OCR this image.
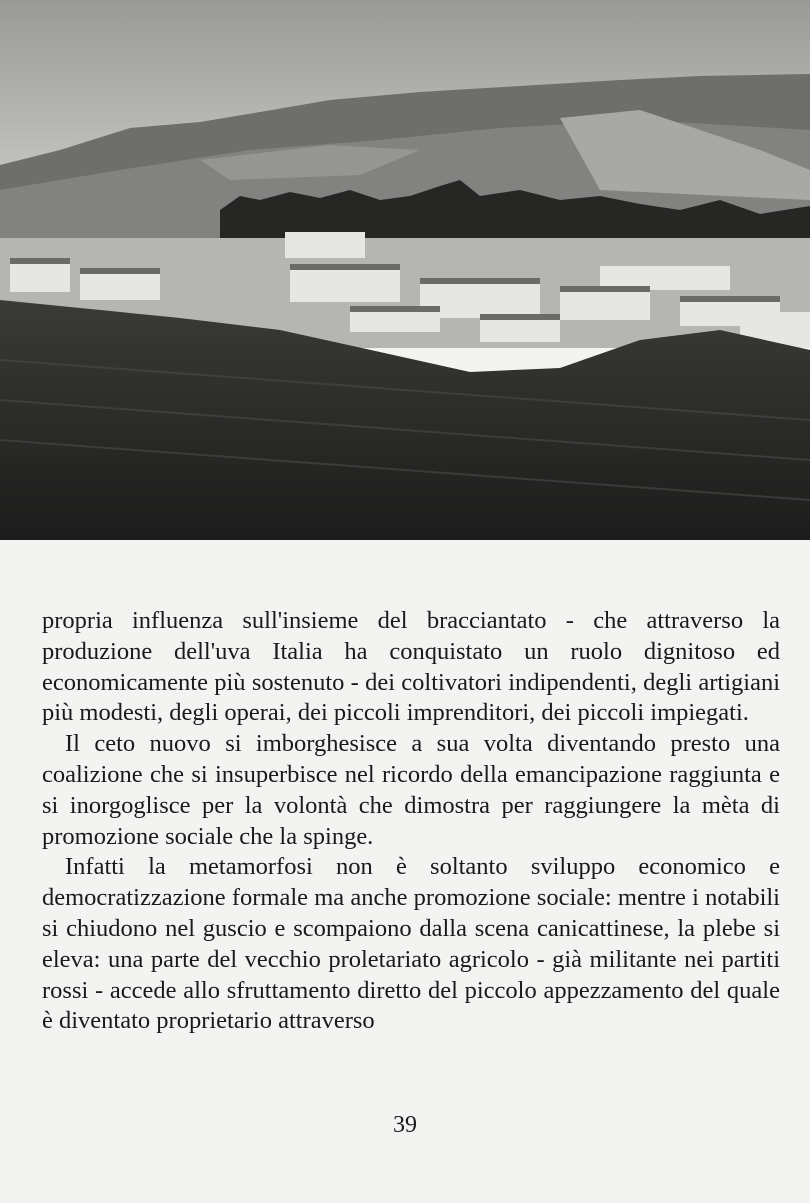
propria influenza sull'insieme del bracciantato - che attraverso la produzione dell'uva Italia ha conquistato un ruolo dignitoso ed economicamente più sostenuto - dei coltivatori indipendenti, degli artigiani più modesti, degli operai, dei piccoli imprenditori, dei piccoli impiegati.

Il ceto nuovo si imborghesisce a sua volta diventando presto una coalizione che si insuperbisce nel ricordo della emancipazione raggiunta e si inorgoglisce per la volontà che dimostra per raggiungere la mèta di promozione sociale che la spinge.

Infatti la metamorfosi non è soltanto sviluppo economico e democratizzazione formale ma anche promozione sociale: mentre i notabili si chiudono nel guscio e scompaiono dalla scena canicattinese, la plebe si eleva: una parte del vecchio proletariato agricolo - già militante nei partiti rossi - accede allo sfruttamento diretto del piccolo appezzamento del quale è diventato proprietario attraverso

39
